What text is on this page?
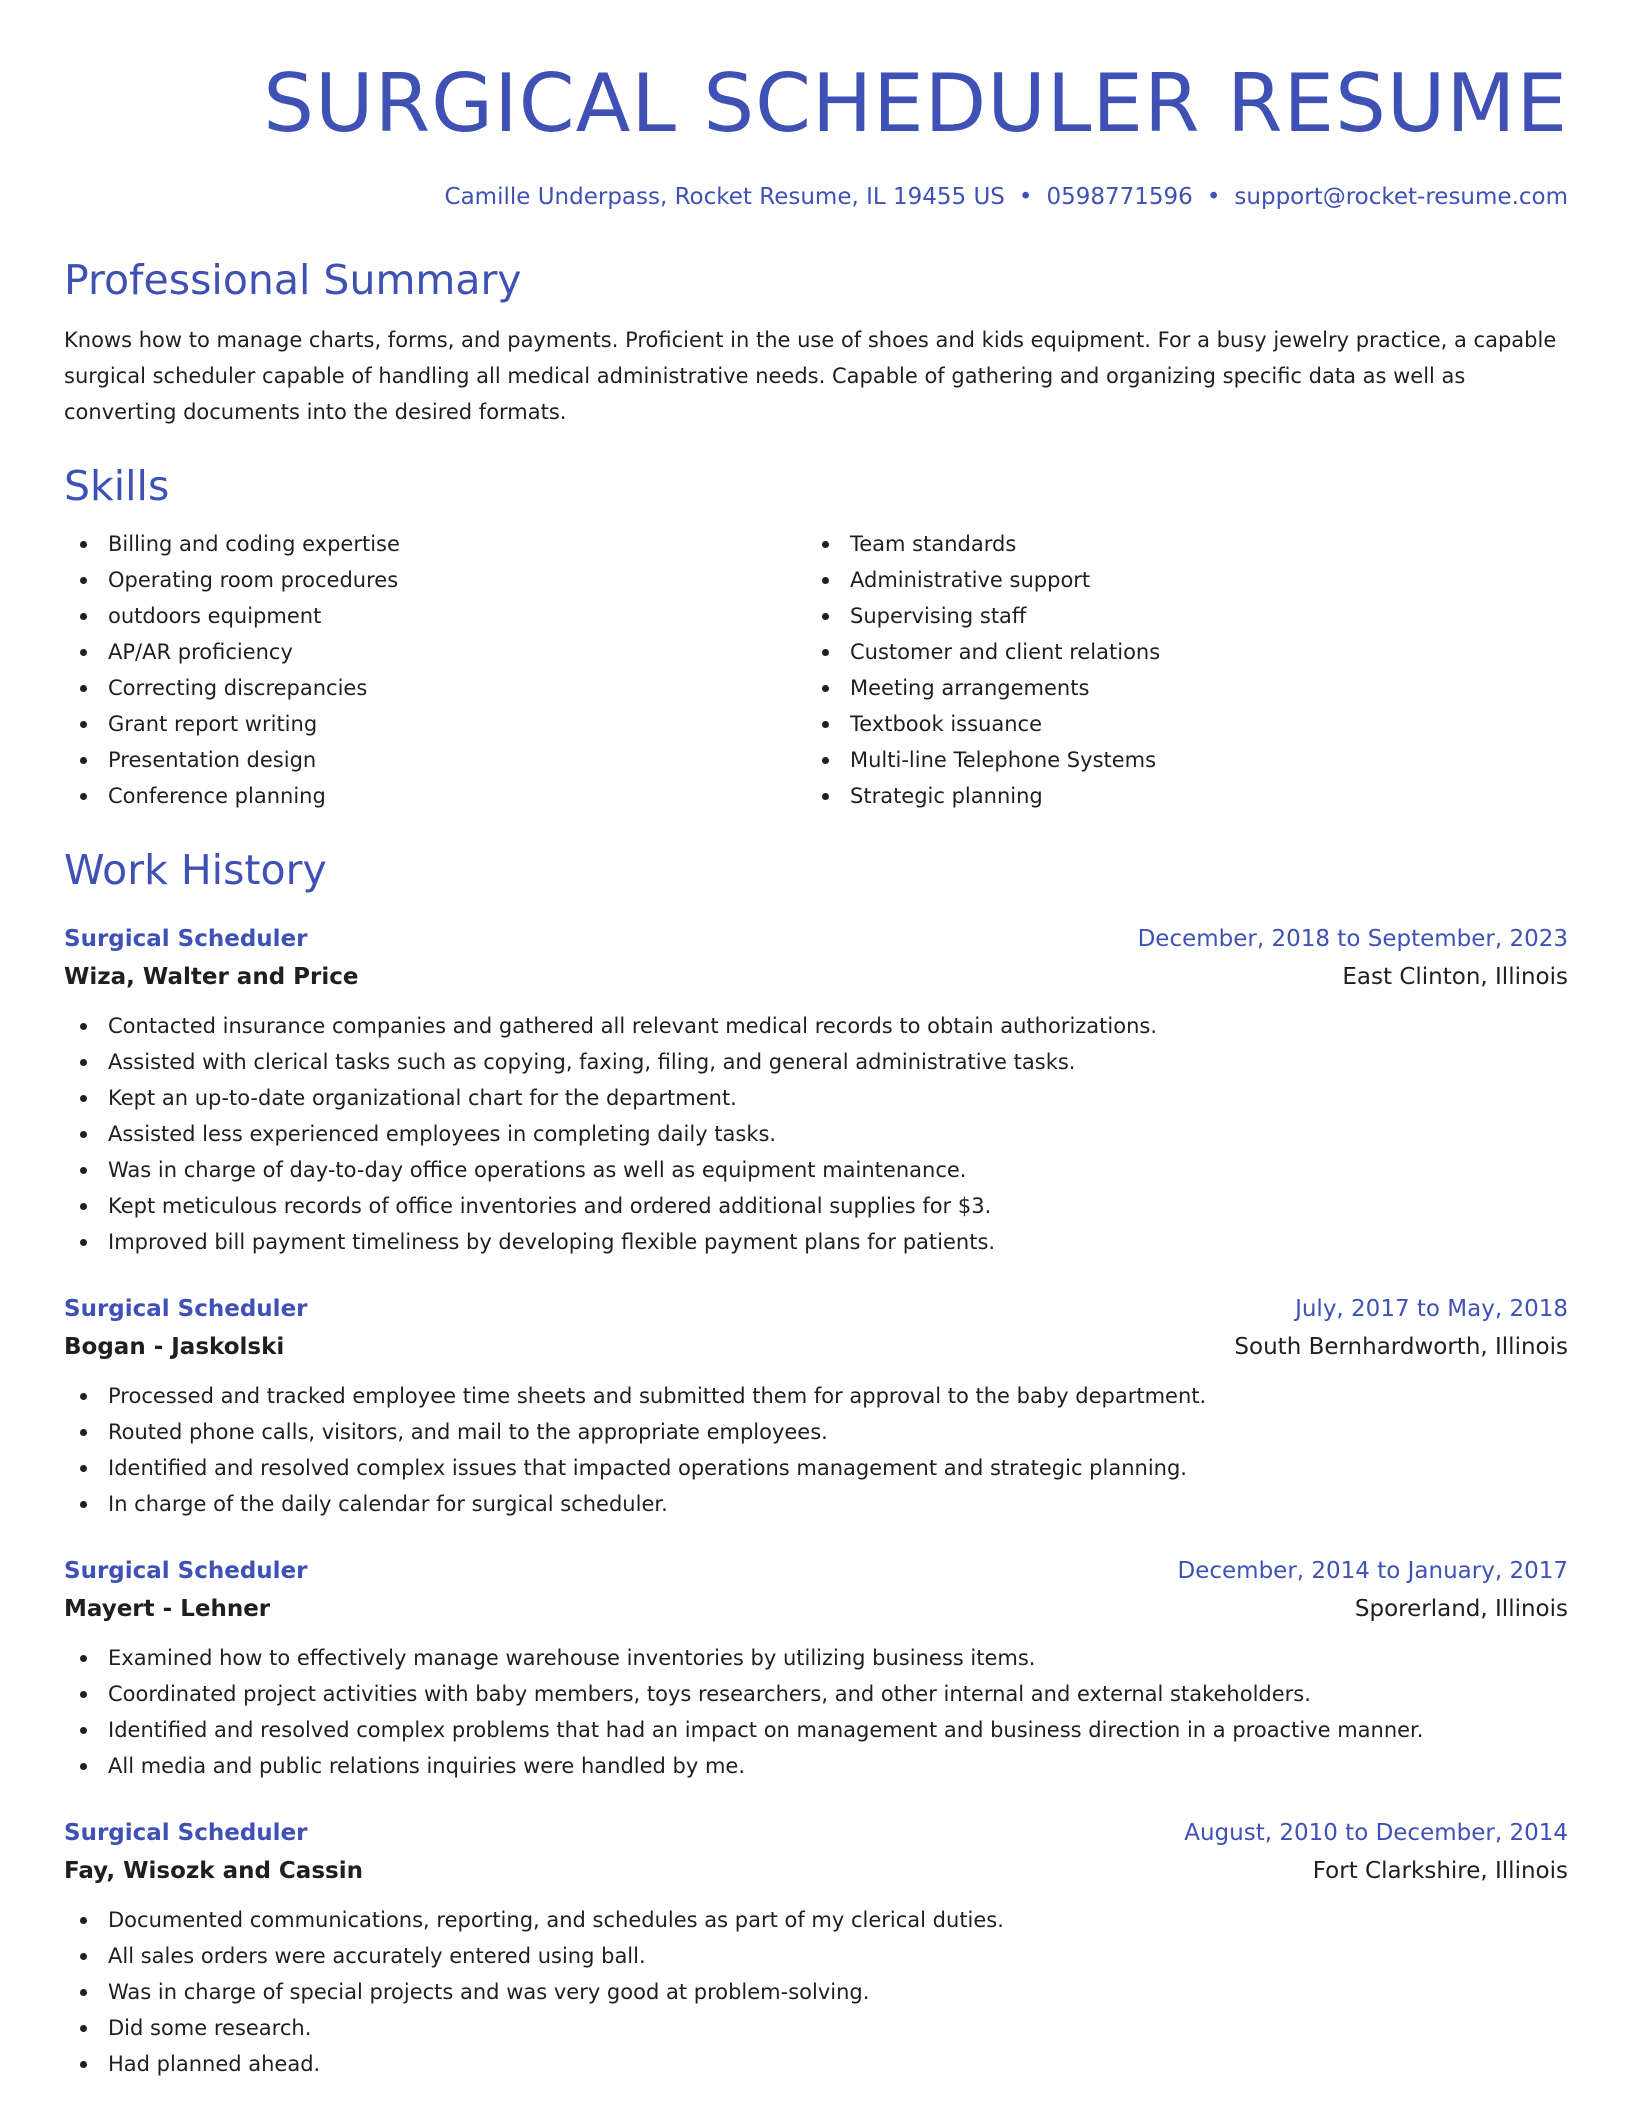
SURGICAL SCHEDULER RESUME
Camille Underpass, Rocket Resume, IL 19455 US • 0598771596 • support@rocket-resume.com
Professional Summary
Knows how to manage charts, forms, and payments. Proficient in the use of shoes and kids equipment. For a busy jewelry practice, a capable surgical scheduler capable of handling all medical administrative needs. Capable of gathering and organizing specific data as well as converting documents into the desired formats.
Skills
Billing and coding expertise
Operating room procedures
outdoors equipment
AP/AR proficiency
Correcting discrepancies
Grant report writing
Presentation design
Conference planning
Team standards
Administrative support
Supervising staff
Customer and client relations
Meeting arrangements
Textbook issuance
Multi-line Telephone Systems
Strategic planning
Work History
Surgical Scheduler	December, 2018 to September, 2023
Wiza, Walter and Price	East Clinton, Illinois
Contacted insurance companies and gathered all relevant medical records to obtain authorizations.
Assisted with clerical tasks such as copying, faxing, filing, and general administrative tasks.
Kept an up-to-date organizational chart for the department.
Assisted less experienced employees in completing daily tasks.
Was in charge of day-to-day office operations as well as equipment maintenance.
Kept meticulous records of office inventories and ordered additional supplies for $3.
Improved bill payment timeliness by developing flexible payment plans for patients.
Surgical Scheduler	July, 2017 to May, 2018
Bogan - Jaskolski	South Bernhardworth, Illinois
Processed and tracked employee time sheets and submitted them for approval to the baby department.
Routed phone calls, visitors, and mail to the appropriate employees.
Identified and resolved complex issues that impacted operations management and strategic planning.
In charge of the daily calendar for surgical scheduler.
Surgical Scheduler	December, 2014 to January, 2017
Mayert - Lehner	Sporerland, Illinois
Examined how to effectively manage warehouse inventories by utilizing business items.
Coordinated project activities with baby members, toys researchers, and other internal and external stakeholders.
Identified and resolved complex problems that had an impact on management and business direction in a proactive manner.
All media and public relations inquiries were handled by me.
Surgical Scheduler	August, 2010 to December, 2014
Fay, Wisozk and Cassin	Fort Clarkshire, Illinois
Documented communications, reporting, and schedules as part of my clerical duties.
All sales orders were accurately entered using ball.
Was in charge of special projects and was very good at problem-solving.
Did some research.
Had planned ahead.
